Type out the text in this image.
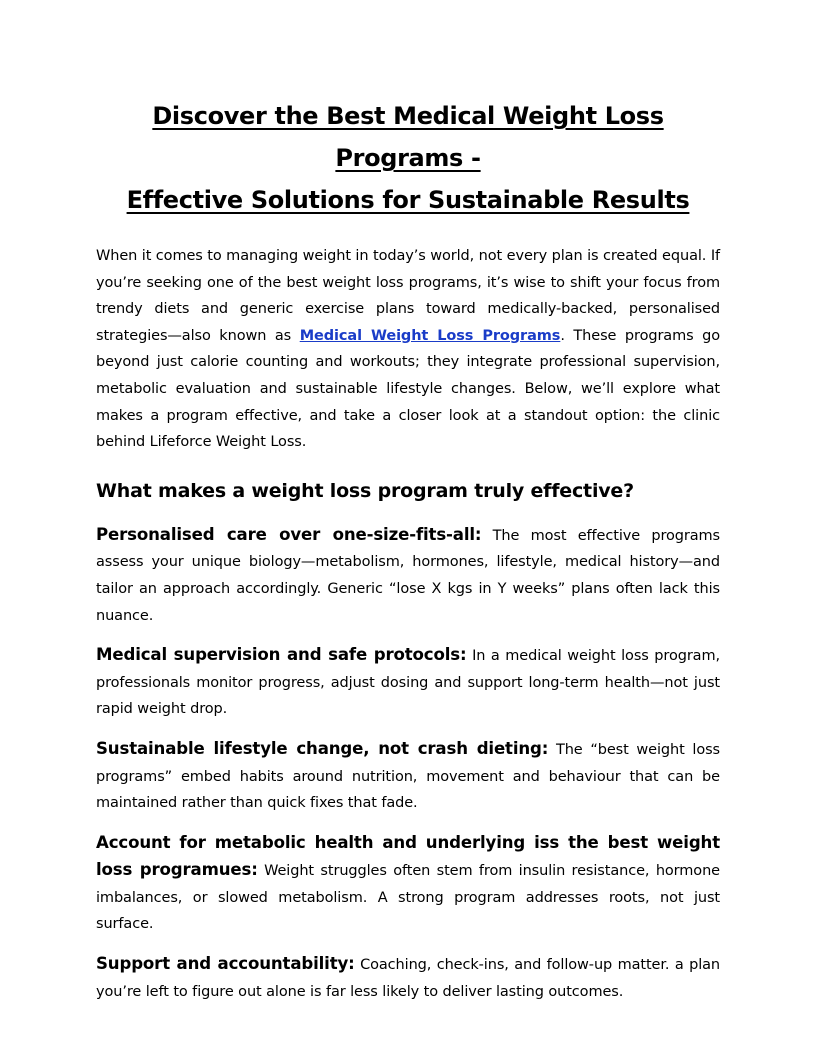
Discover the Best Medical Weight Loss Programs -
Effective Solutions for Sustainable Results

When it comes to managing weight in today’s world, not every plan is created equal. If you’re seeking one of the best weight loss programs, it’s wise to shift your focus from trendy diets and generic exercise plans toward medically-backed, personalised strategies—also known as Medical Weight Loss Programs. These programs go beyond just calorie counting and workouts; they integrate professional supervision, metabolic evaluation and sustainable lifestyle changes. Below, we’ll explore what makes a program effective, and take a closer look at a standout option: the clinic behind Lifeforce Weight Loss.

What makes a weight loss program truly effective?

Personalised care over one-size-fits-all: The most effective programs assess your unique biology—metabolism, hormones, lifestyle, medical history—and tailor an approach accordingly. Generic “lose X kgs in Y weeks” plans often lack this nuance.

Medical supervision and safe protocols: In a medical weight loss program, professionals monitor progress, adjust dosing and support long-term health—not just rapid weight drop.

Sustainable lifestyle change, not crash dieting: The “best weight loss programs” embed habits around nutrition, movement and behaviour that can be maintained rather than quick fixes that fade.

Account for metabolic health and underlying iss the best weight loss programues: Weight struggles often stem from insulin resistance, hormone imbalances, or slowed metabolism. A strong program addresses roots, not just surface.

Support and accountability: Coaching, check-ins, and follow-up matter. a plan you’re left to figure out alone is far less likely to deliver lasting outcomes.
